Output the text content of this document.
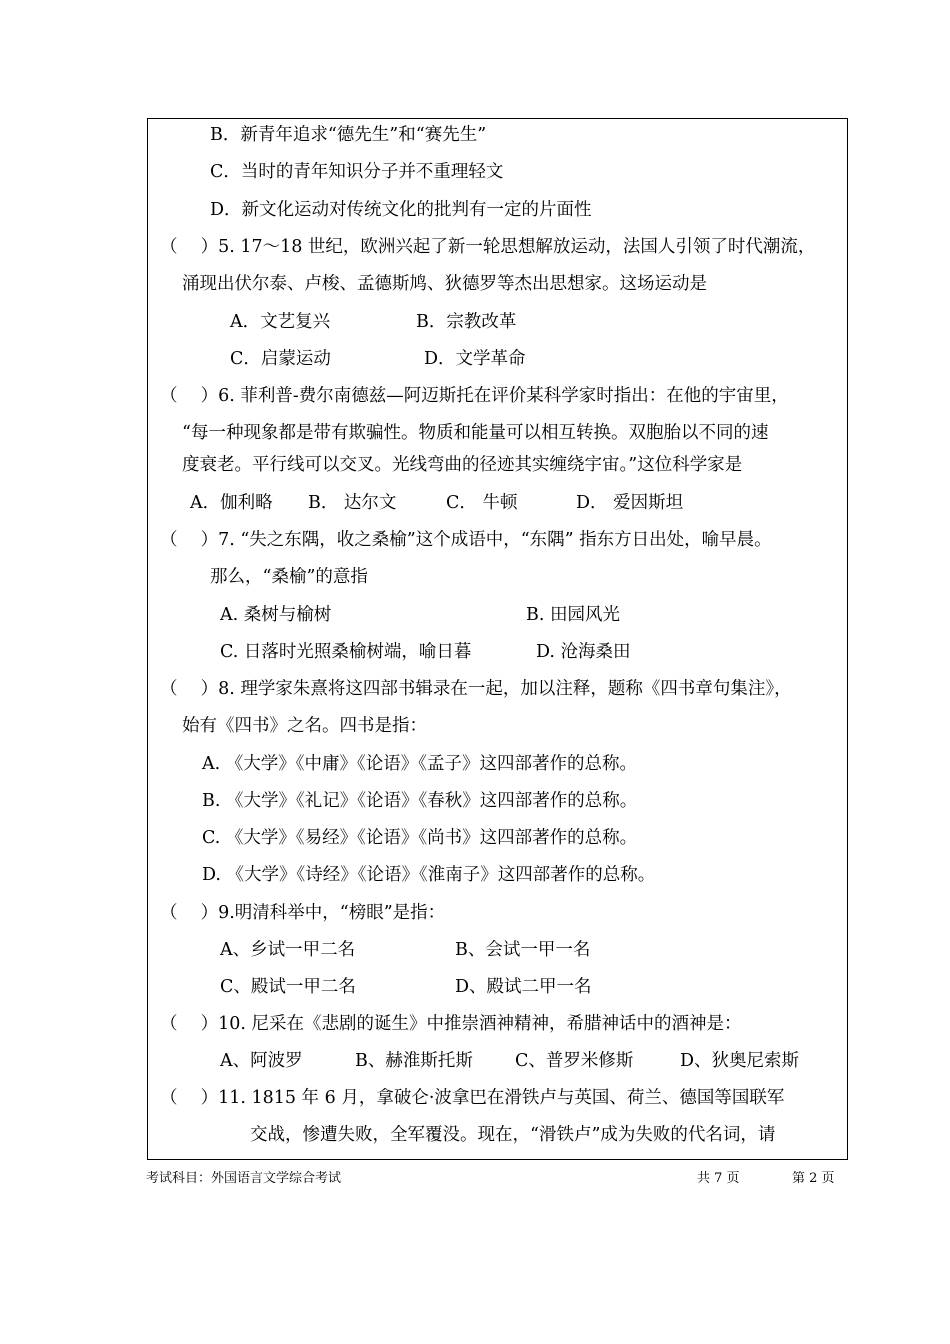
B．新青年追求“德先生”和“赛先生”
C．当时的青年知识分子并不重理轻文
D．新文化运动对传统文化的批判有一定的片面性
（　 ）5. 17～18 世纪，欧洲兴起了新一轮思想解放运动，法国人引领了时代潮流，
涌现出伏尔泰、卢梭、孟德斯鸠、狄德罗等杰出思想家。这场运动是
A．文艺复兴	B．宗教改革
C．启蒙运动	D．文学革命
（　 ）6. 菲利普-费尔南德兹—阿迈斯托在评价某科学家时指出：在他的宇宙里，
“每一种现象都是带有欺骗性。物质和能量可以相互转换。双胞胎以不同的速
度衰老。平行线可以交叉。光线弯曲的径迹其实缠绕宇宙。”这位科学家是
A．伽利略 B． 达尔文	C． 牛顿	D． 爱因斯坦
（　 ）7. “失之东隅，收之桑榆”这个成语中，“东隅” 指东方日出处，喻早晨。
那么，“桑榆”的意指
A. 桑树与榆树	B. 田园风光
C. 日落时光照桑榆树端，喻日暮	D. 沧海桑田
（　 ）8. 理学家朱熹将这四部书辑录在一起，加以注释，题称《四书章句集注》，
始有《四书》之名。四书是指：
A. 《大学》《中庸》《论语》《孟子》这四部著作的总称。
B. 《大学》《礼记》《论语》《春秋》这四部著作的总称。
C. 《大学》《易经》《论语》《尚书》这四部著作的总称。
D. 《大学》《诗经》《论语》《淮南子》这四部著作的总称。
（　 ）9.明清科举中，“榜眼”是指：
A、乡试一甲二名	B、会试一甲一名
C、殿试一甲二名	D、殿试二甲一名
（　 ）10. 尼采在《悲剧的诞生》中推崇酒神精神，希腊神话中的酒神是：
A、阿波罗	B、赫淮斯托斯 C、普罗米修斯	D、狄奥尼索斯
（　 ）11. 1815 年 6 月，拿破仑·波拿巴在滑铁卢与英国、荷兰、德国等国联军
交战，惨遭失败，全军覆没。现在，“滑铁卢”成为失败的代名词，请
考试科目：外国语言文学综合考试	共 7 页	第 2 页
